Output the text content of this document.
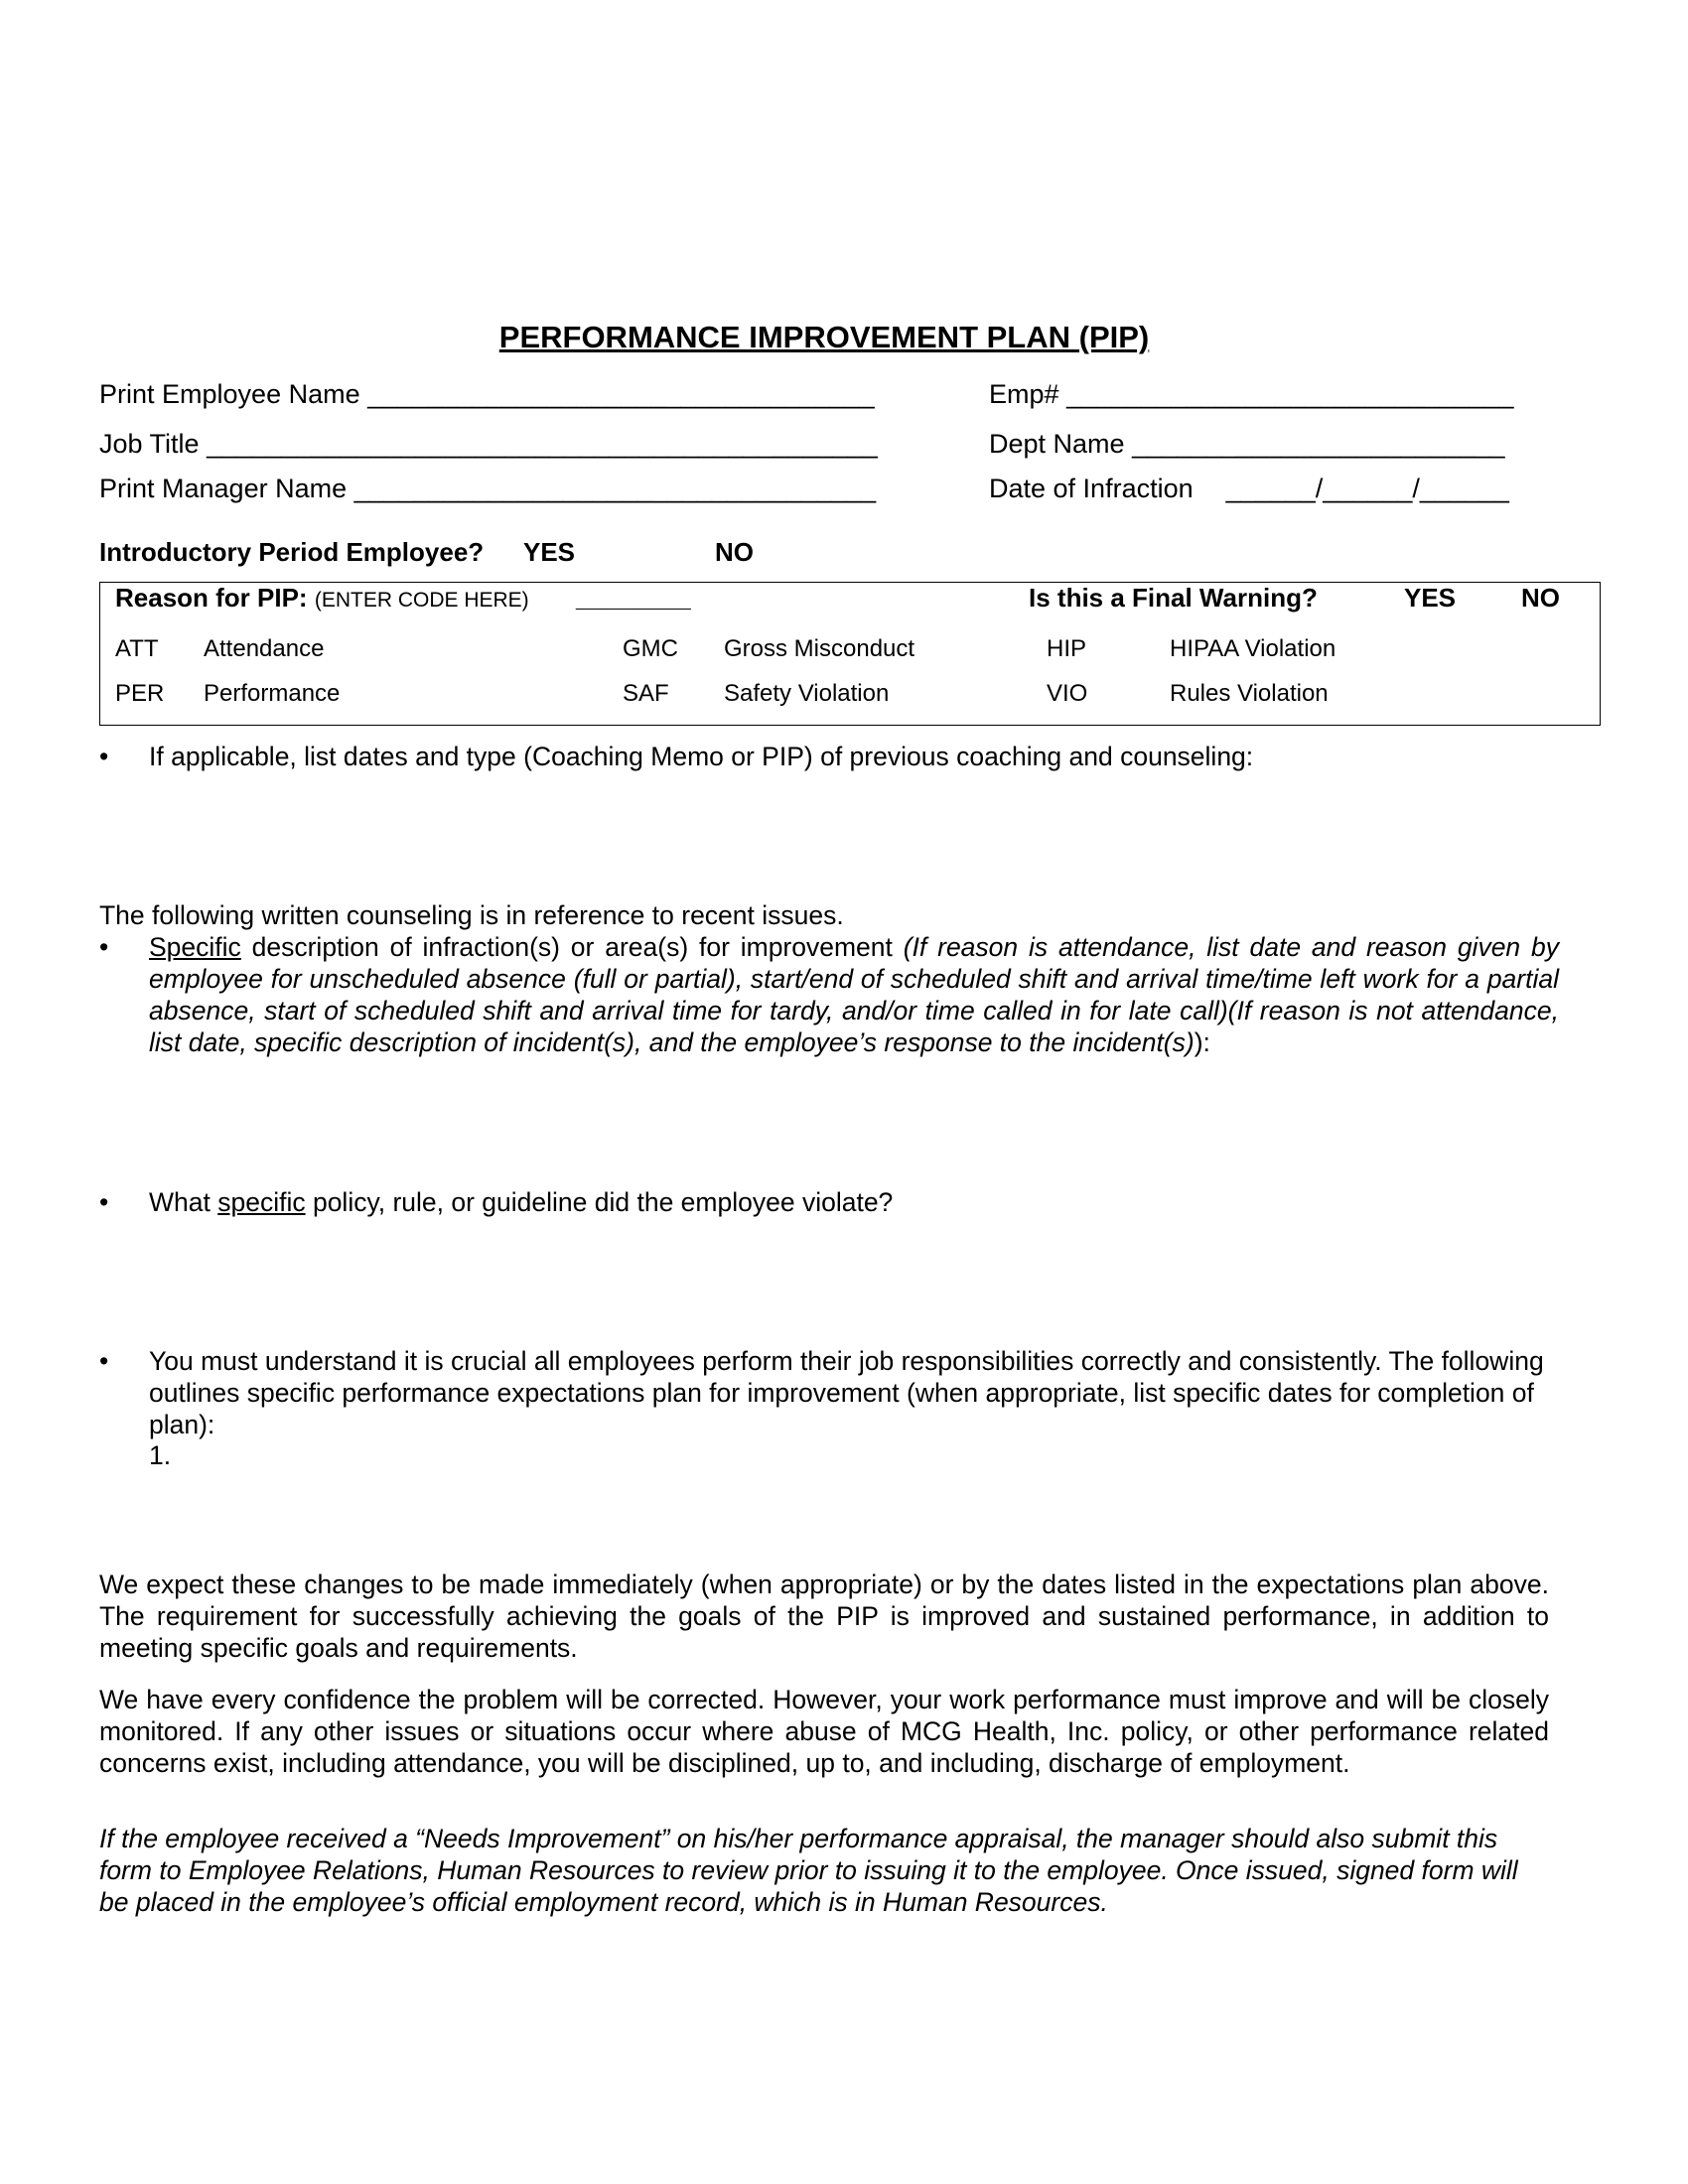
PERFORMANCE IMPROVEMENT PLAN (PIP)
Print Employee Name __________________________________	Emp# ______________________________
Job Title _____________________________________________	Dept Name _________________________
Print Manager Name ___________________________________	Date of Infraction ______/______/______
Introductory Period Employee? YES	NO
Reason for PIP: (ENTER CODE HERE) ________	Is this a Final Warning?	YES	NO
ATT Attendance	GMC Gross Misconduct	HIP	HIPAA Violation
PER Performance	SAF Safety Violation	VIO	Rules Violation
• If applicable, list dates and type (Coaching Memo or PIP) of previous coaching and counseling:
The following written counseling is in reference to recent issues.
• Specific description of infraction(s) or area(s) for improvement (If reason is attendance, list date and reason given by employee for unscheduled absence (full or partial), start/end of scheduled shift and arrival time/time left work for a partial absence, start of scheduled shift and arrival time for tardy, and/or time called in for late call)(If reason is not attendance, list date, specific description of incident(s), and the employee’s response to the incident(s)):
• What specific policy, rule, or guideline did the employee violate?
• You must understand it is crucial all employees perform their job responsibilities correctly and consistently. The following outlines specific performance expectations plan for improvement (when appropriate, list specific dates for completion of plan):
1.
We expect these changes to be made immediately (when appropriate) or by the dates listed in the expectations plan above. The requirement for successfully achieving the goals of the PIP is improved and sustained performance, in addition to meeting specific goals and requirements.
We have every confidence the problem will be corrected. However, your work performance must improve and will be closely monitored. If any other issues or situations occur where abuse of MCG Health, Inc. policy, or other performance related concerns exist, including attendance, you will be disciplined, up to, and including, discharge of employment.
If the employee received a “Needs Improvement” on his/her performance appraisal, the manager should also submit this form to Employee Relations, Human Resources to review prior to issuing it to the employee. Once issued, signed form will be placed in the employee’s official employment record, which is in Human Resources.
